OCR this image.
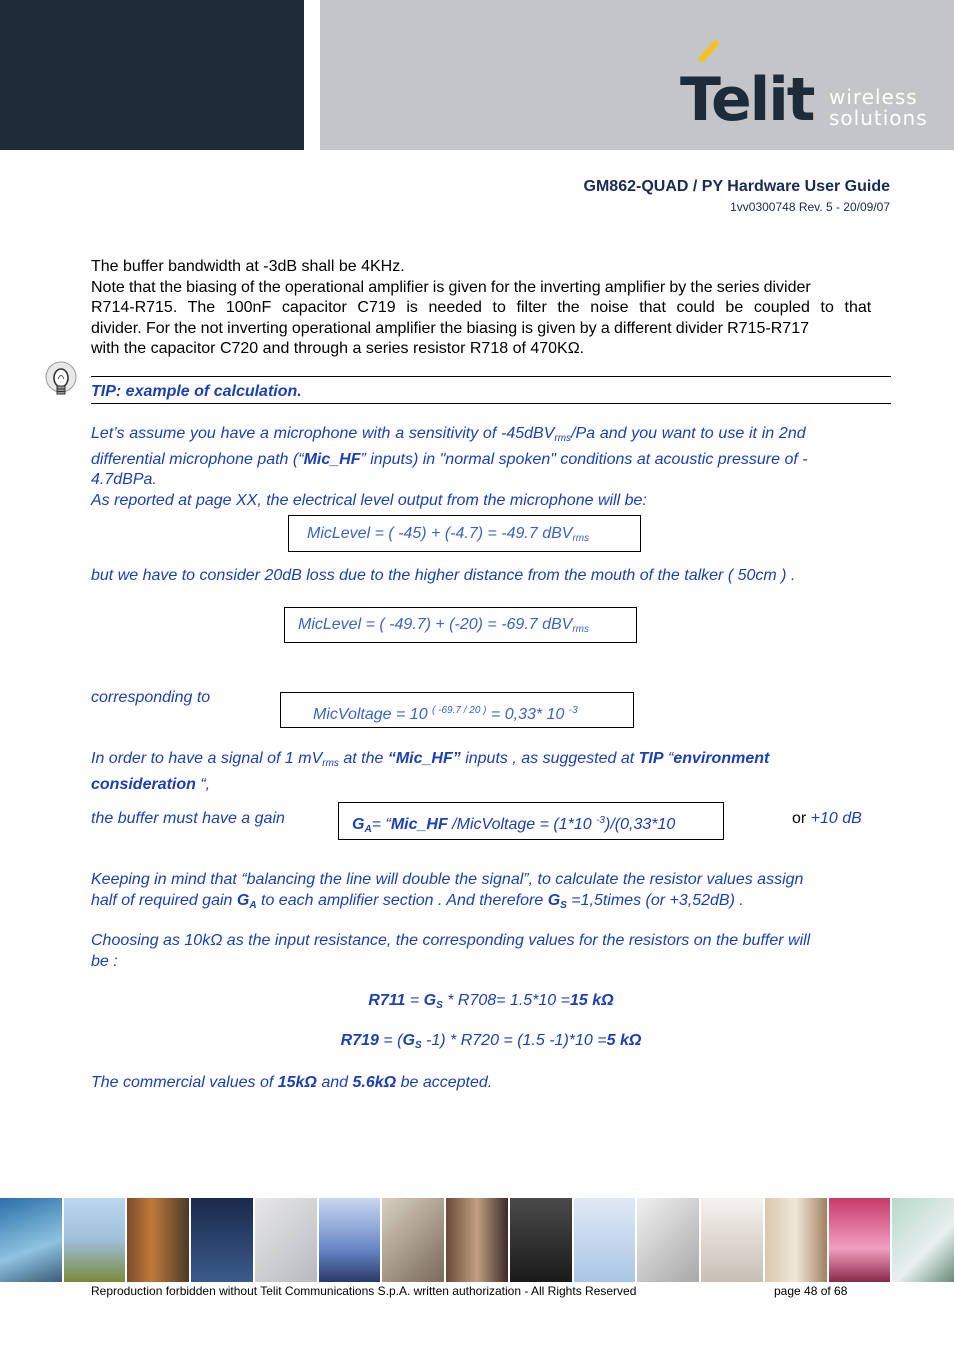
Telit wireless
solutions
GM862-QUAD / PY Hardware User Guide
1vv0300748 Rev. 5 - 20/09/07
The buffer bandwidth at -3dB shall be 4KHz.
Note that the biasing of the operational amplifier is given for the inverting amplifier by the series divider
R714-R715. The 100nF capacitor C719 is needed to filter the noise that could be coupled to that
divider. For the not inverting operational amplifier the biasing is given by a different divider R715-R717
with the capacitor C720 and through a series resistor R718 of 470KΩ.
TIP: example of calculation.
Let’s assume you have a microphone with a sensitivity of -45dBV$_{rms}$/Pa and you want to use it in 2nd
differential microphone path (“Mic_HF” inputs) in "normal spoken" conditions at acoustic pressure of -
4.7dBPa.
As reported at page XX, the electrical level output from the microphone will be:
MicLevel = ( -45) + (-4.7) = -49.7 dBV$_{rms}$
but we have to consider 20dB loss due to the higher distance from the mouth of the talker ( 50cm ) .
MicLevel = ( -49.7) + (-20) = -69.7 dBV$_{rms}$
corresponding to
MicVoltage = 10 $^{( -69.7 / 20 )}$ = 0,33* 10 $^{-3}$
In order to have a signal of 1 $mV_{rms}$ at the “Mic_HF” inputs , as suggested at TIP “environment
consideration “,
the buffer must have a gain	$G_A=$ “Mic_HF /MicVoltage = (1*10 $^{-3}$)/(0,33*10	or +10 dB
Keeping in mind that “balancing the line will double the signal”, to calculate the resistor values assign
half of required gain $G_A$ to each amplifier section . And therefore $G_S$ =1,5times (or +3,52dB) .
Choosing as 10kΩ as the input resistance, the corresponding values for the resistors on the buffer will
be :
$R711 = G_S * R708= 1.5*10 =15$ kΩ
$R719 = (G_S$ -1) * R720 = (1.5 -1)*10 =5 kΩ
The commercial values of 15kΩ and 5.6kΩ be accepted.
Reproduction forbidden without Telit Communications S.p.A. written authorization - All Rights Reserved	page 48 of 68
